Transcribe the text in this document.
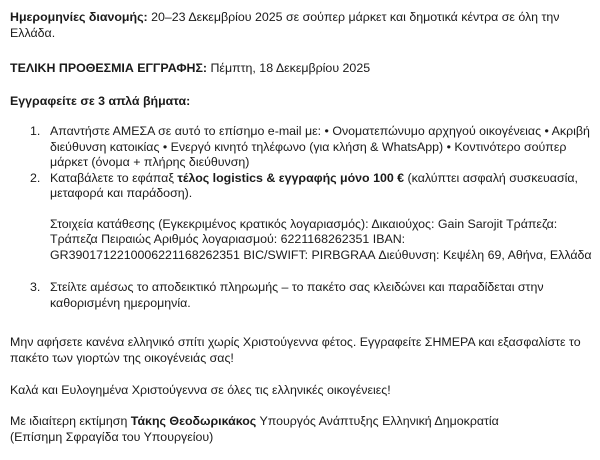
Ημερομηνίες διανομής: 20–23 Δεκεμβρίου 2025 σε σούπερ μάρκετ και δημοτικά κέντρα σε όλη την Ελλάδα.

ΤΕΛΙΚΗ ΠΡΟΘΕΣΜΙΑ ΕΓΓΡΑΦΗΣ: Πέμπτη, 18 Δεκεμβρίου 2025

Εγγραφείτε σε 3 απλά βήματα:

1. Απαντήστε ΑΜΕΣΑ σε αυτό το επίσημο e-mail με: • Ονοματεπώνυμο αρχηγού οικογένειας • Ακριβή διεύθυνση κατοικίας • Ενεργό κινητό τηλέφωνο (για κλήση & WhatsApp) • Κοντινότερο σούπερ μάρκετ (όνομα + πλήρης διεύθυνση)
2. Καταβάλετε το εφάπαξ τέλος logistics & εγγραφής μόνο 100 € (καλύπτει ασφαλή συσκευασία, μεταφορά και παράδοση).
Στοιχεία κατάθεσης (Εγκεκριμένος κρατικός λογαριασμός): Δικαιούχος: Gain Sarojit Τράπεζα: Τράπεζα Πειραιώς Αριθμός λογαριασμού: 6221168262351 IBAN: GR3901712210006221168262351 BIC/SWIFT: PIRBGRAA Διεύθυνση: Κεψέλη 69, Αθήνα, Ελλάδα
3. Στείλτε αμέσως το αποδεικτικό πληρωμής – το πακέτο σας κλειδώνει και παραδίδεται στην καθορισμένη ημερομηνία.

Μην αφήσετε κανένα ελληνικό σπίτι χωρίς Χριστούγεννα φέτος. Εγγραφείτε ΣΗΜΕΡΑ και εξασφαλίστε το πακέτο των γιορτών της οικογένειάς σας!

Καλά και Ευλογημένα Χριστούγεννα σε όλες τις ελληνικές οικογένειες!

Με ιδιαίτερη εκτίμηση Τάκης Θεοδωρικάκος Υπουργός Ανάπτυξης Ελληνική Δημοκρατία
(Επίσημη Σφραγίδα του Υπουργείου)
